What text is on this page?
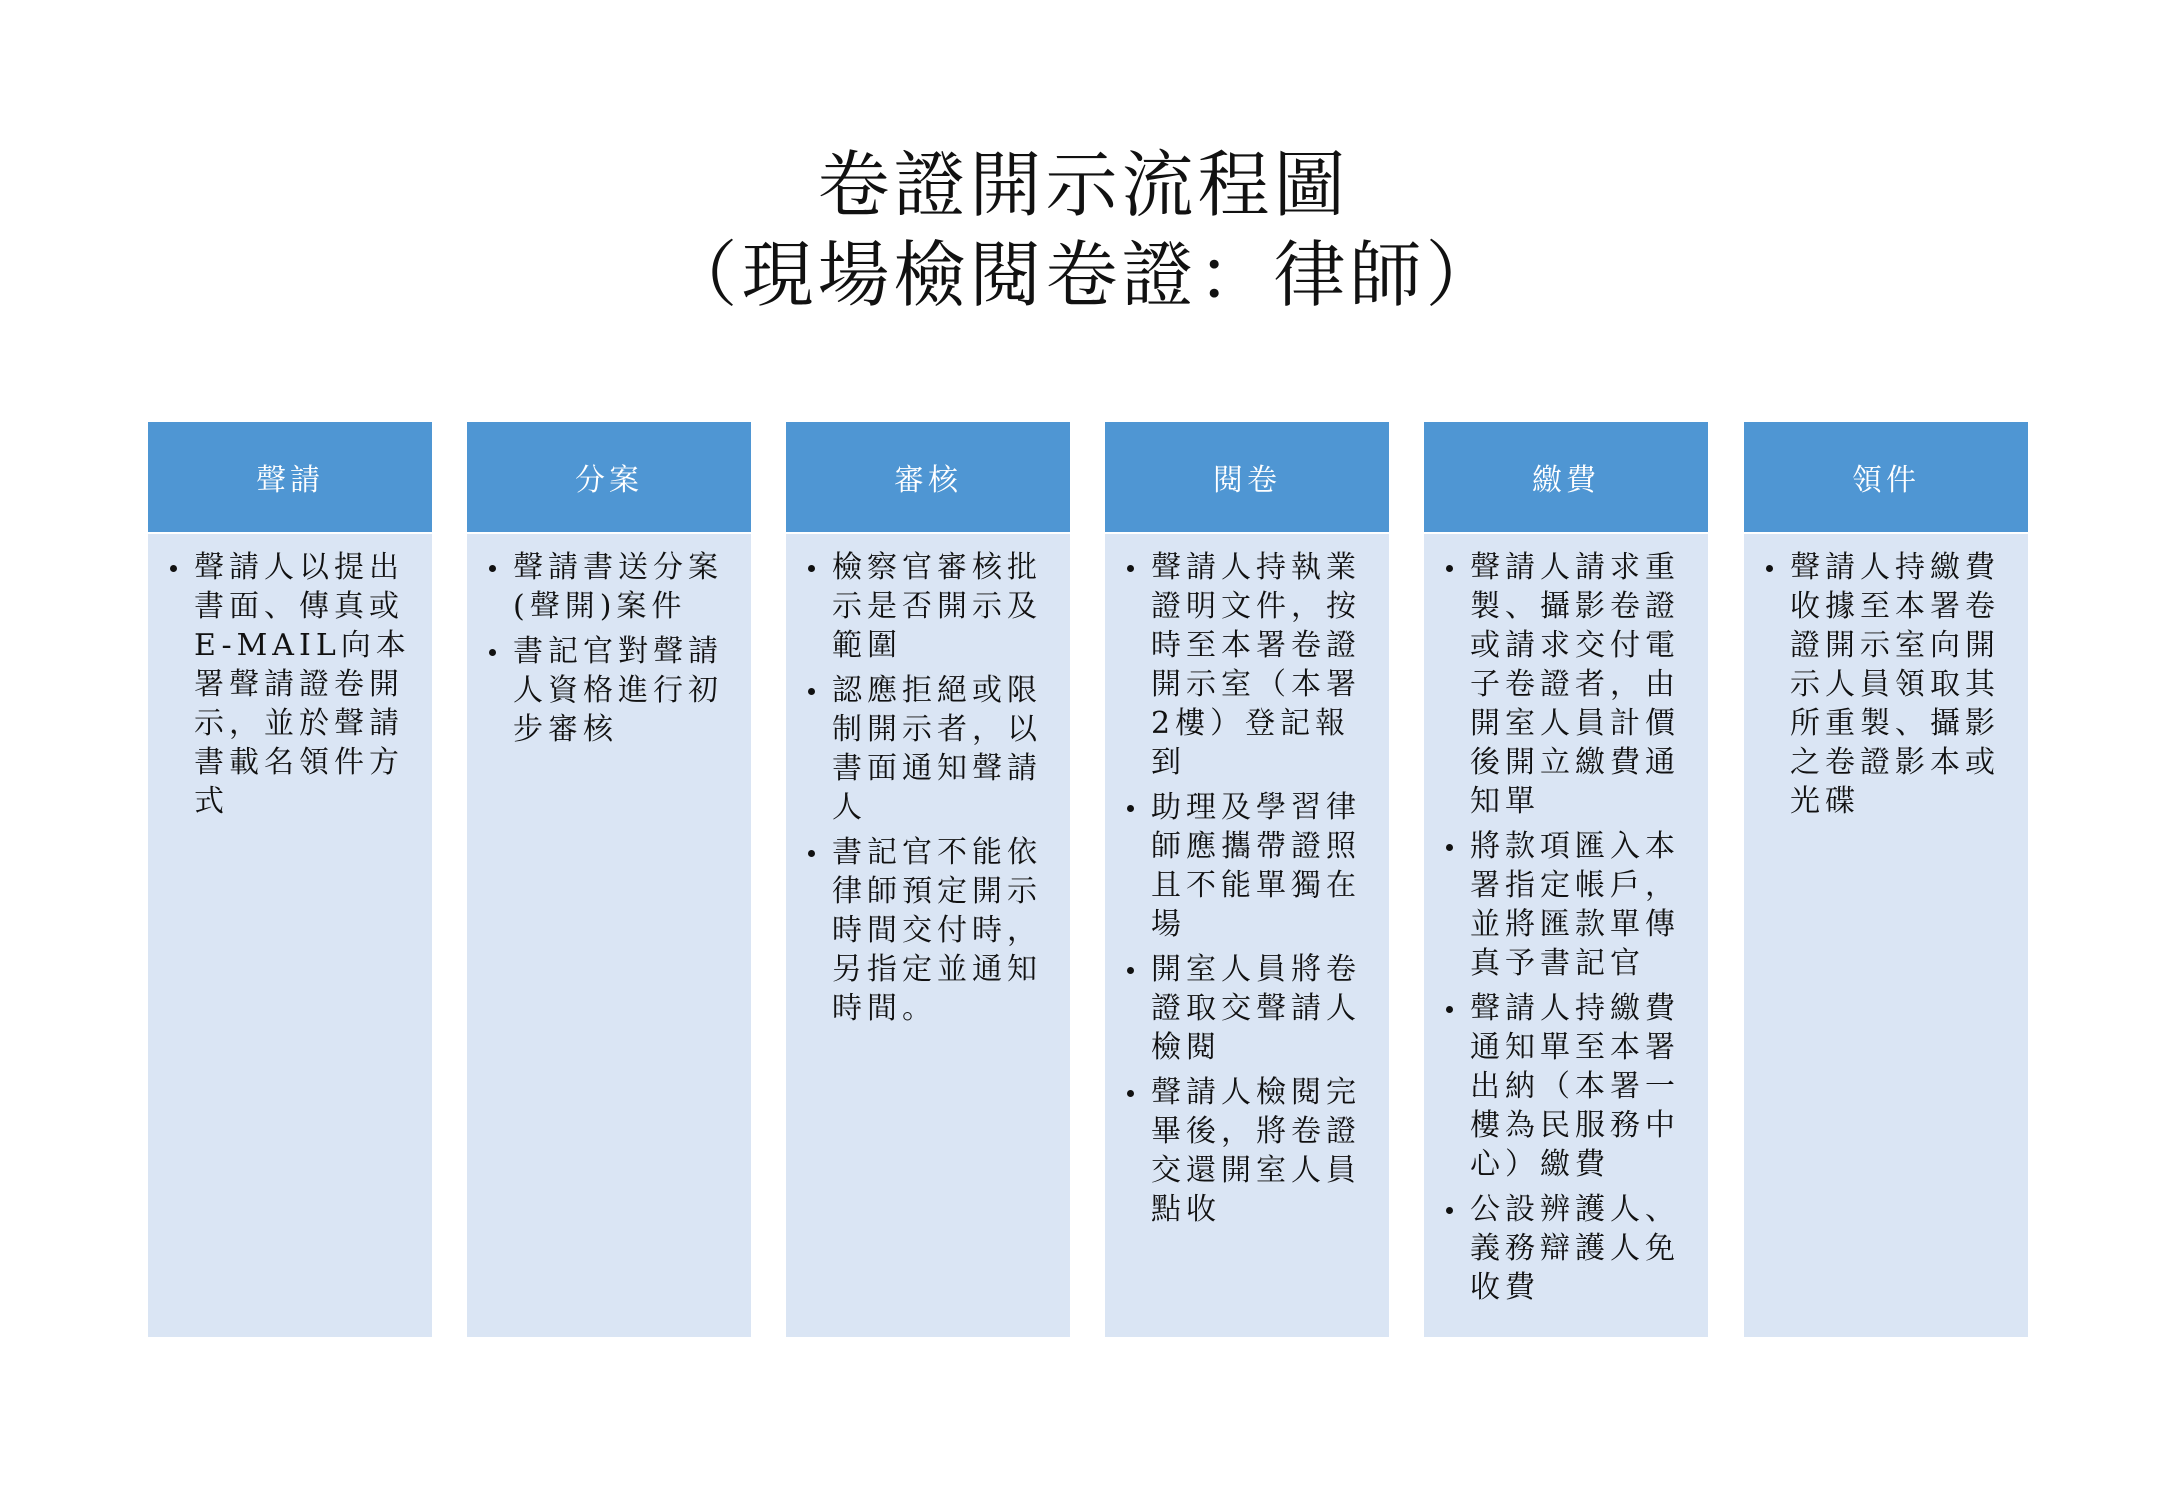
卷證開示流程圖
（現場檢閱卷證：律師）
聲請
聲請人以提出書面、傳真或E-MAIL向本署聲請證卷開示，並於聲請書載名領件方式
分案
聲請書送分案(聲開)案件
書記官對聲請人資格進行初步審核
審核
檢察官審核批示是否開示及範圍
認應拒絕或限制開示者，以書面通知聲請人
書記官不能依律師預定開示時間交付時，另指定並通知時間。
閱卷
聲請人持執業證明文件，按時至本署卷證開示室（本署2樓）登記報到
助理及學習律師應攜帶證照且不能單獨在場
開室人員將卷證取交聲請人檢閱
聲請人檢閱完畢後，將卷證交還開室人員點收
繳費
聲請人請求重製、攝影卷證或請求交付電子卷證者，由開室人員計價後開立繳費通知單
將款項匯入本署指定帳戶，並將匯款單傳真予書記官
聲請人持繳費通知單至本署出納（本署一樓為民服務中心）繳費
公設辨護人、義務辯護人免收費
領件
聲請人持繳費收據至本署卷證開示室向開示人員領取其所重製、攝影之卷證影本或光碟
